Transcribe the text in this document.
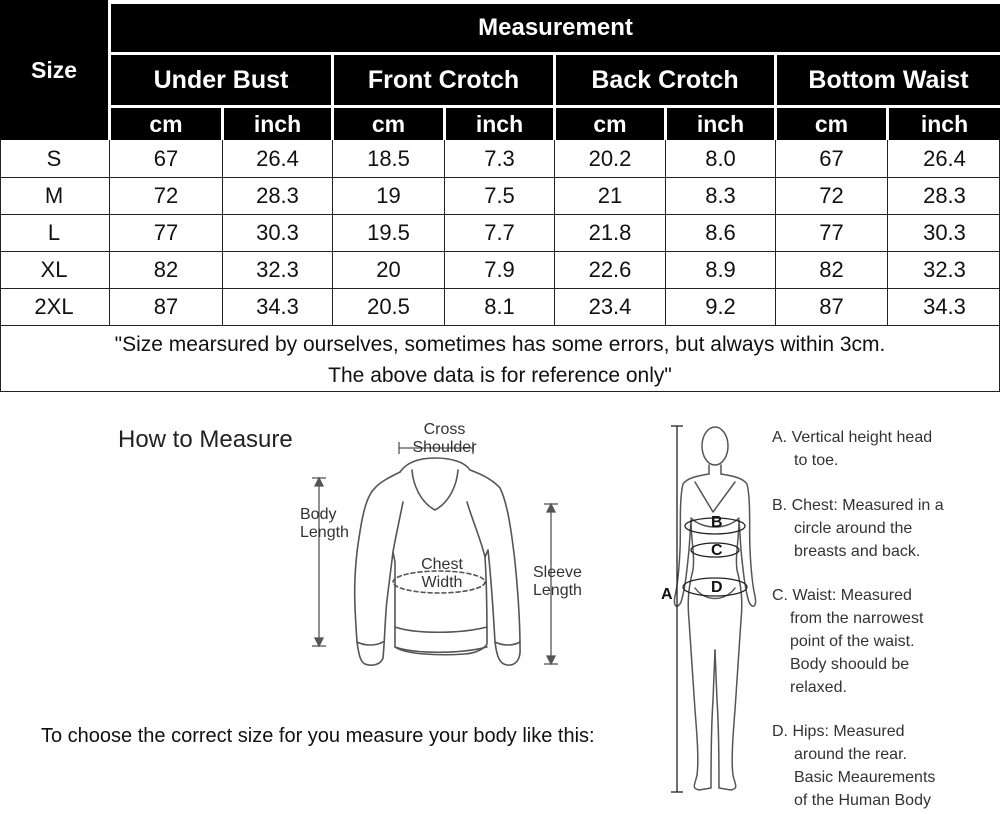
Size
Measurement
Under Bust	Front Crotch	Back Crotch	Bottom Waist
cm	inch	cm	inch	cm	inch	cm	inch
S	67	26.4	18.5	7.3	20.2	8.0	67	26.4
M	72	28.3	19	7.5	21	8.3	72	28.3
L	77	30.3	19.5	7.7	21.8	8.6	77	30.3
XL	82	32.3	20	7.9	22.6	8.9	82	32.3
2XL	87	34.3	20.5	8.1	23.4	9.2	87	34.3
"Size mearsured by ourselves, sometimes has some errors, but always within 3cm.
The above data is for reference only"
How to Measure
To choose the correct size for you measure your body like this:
Cross
Shoulder
Body
Length
Chest
Width
Sleeve
Length	A
B
C
D
A. Vertical height head
to toe.
B. Chest: Measured in a
circle around the
breasts and back.
C. Waist: Measured
from the narrowest
point of the waist.
Body shoould be
relaxed.
D. Hips: Measured
around the rear.
Basic Meaurements
of the Human Body
